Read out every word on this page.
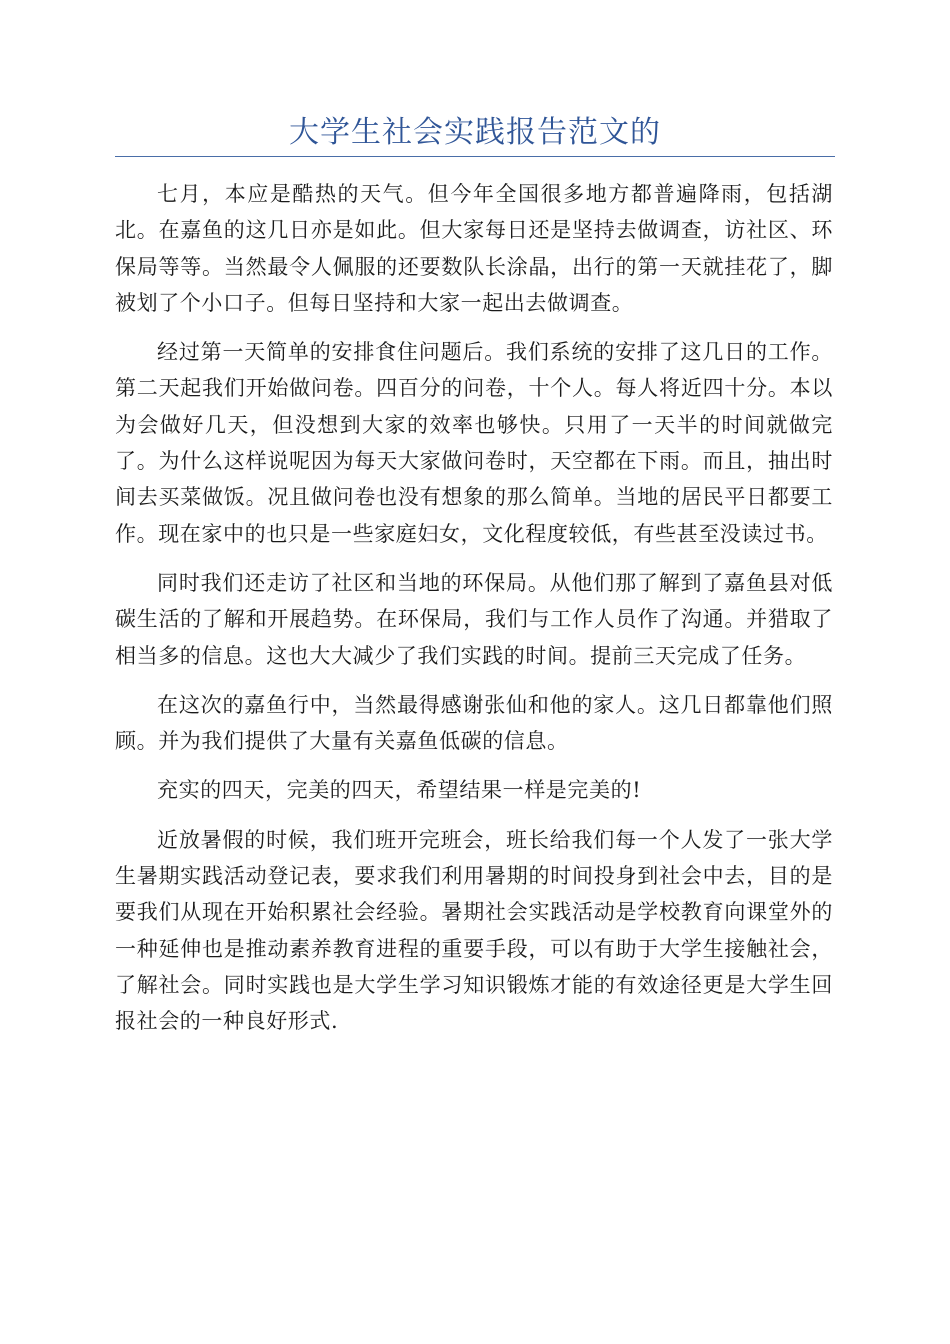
大学生社会实践报告范文的

七月，本应是酷热的天气。但今年全国很多地方都普遍降雨，包括湖北。在嘉鱼的这几日亦是如此。但大家每日还是坚持去做调查，访社区、环保局等等。当然最令人佩服的还要数队长涂晶，出行的第一天就挂花了，脚被划了个小口子。但每日坚持和大家一起出去做调查。

经过第一天简单的安排食住问题后。我们系统的安排了这几日的工作。第二天起我们开始做问卷。四百分的问卷，十个人。每人将近四十分。本以为会做好几天，但没想到大家的效率也够快。只用了一天半的时间就做完了。为什么这样说呢因为每天大家做问卷时，天空都在下雨。而且，抽出时间去买菜做饭。况且做问卷也没有想象的那么简单。当地的居民平日都要工作。现在家中的也只是一些家庭妇女，文化程度较低，有些甚至没读过书。

同时我们还走访了社区和当地的环保局。从他们那了解到了嘉鱼县对低碳生活的了解和开展趋势。在环保局，我们与工作人员作了沟通。并猎取了相当多的信息。这也大大减少了我们实践的时间。提前三天完成了任务。

在这次的嘉鱼行中，当然最得感谢张仙和他的家人。这几日都靠他们照顾。并为我们提供了大量有关嘉鱼低碳的信息。

充实的四天，完美的四天，希望结果一样是完美的!

近放暑假的时候，我们班开完班会，班长给我们每一个人发了一张大学生暑期实践活动登记表，要求我们利用暑期的时间投身到社会中去，目的是要我们从现在开始积累社会经验。暑期社会实践活动是学校教育向课堂外的一种延伸也是推动素养教育进程的重要手段，可以有助于大学生接触社会，了解社会。同时实践也是大学生学习知识锻炼才能的有效途径更是大学生回报社会的一种良好形式.
